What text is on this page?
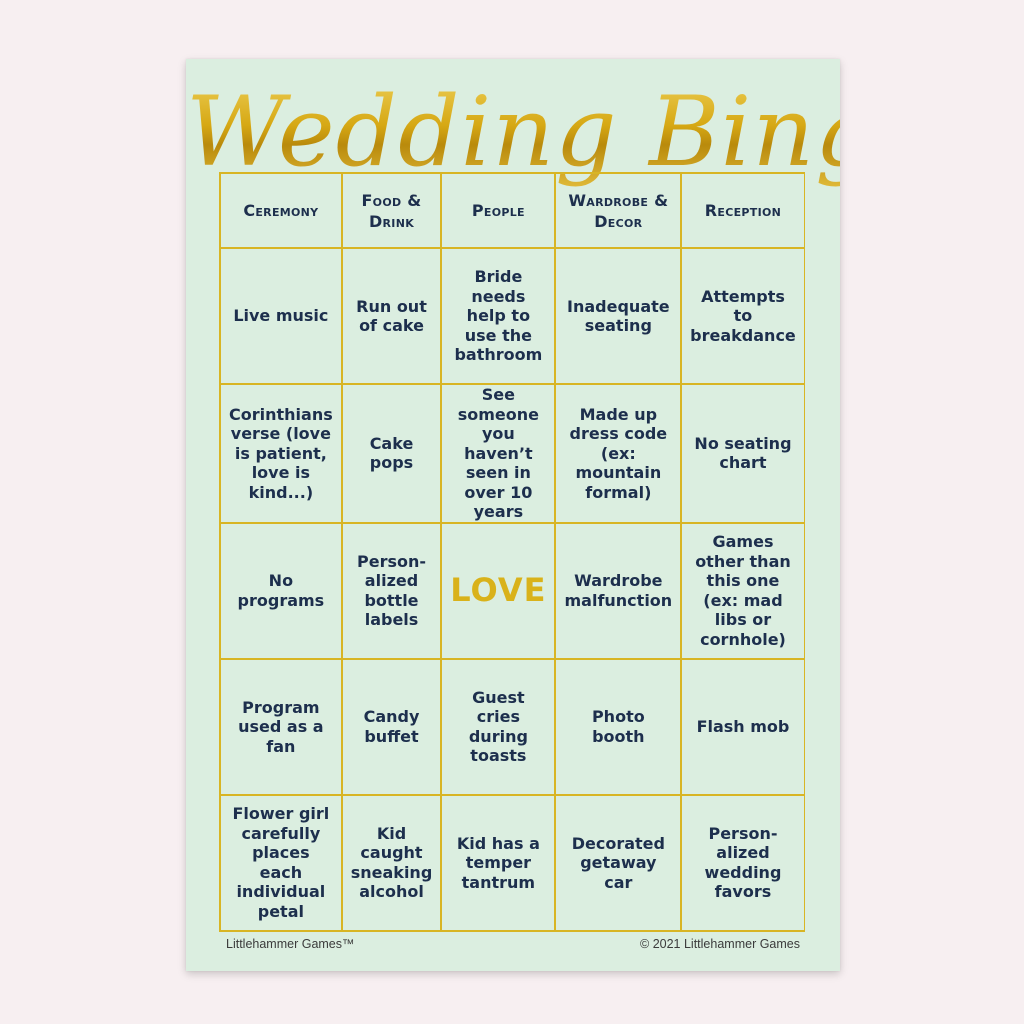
Wedding Bingo
Ceremony
Food & Drink
People
Wardrobe & Decor
Reception
Live music
Run out of cake
Bride needs help to use the bathroom
Inadequate seating
Attempts to breakdance
Corinthians verse (love is patient, love is kind...)
Cake pops
See someone you haven’t seen in over 10 years
Made up dress code (ex: mountain formal)
No seating chart
No programs
Person-alized bottle labels
LOVE	Wardrobe malfunction
Games other than this one (ex: mad libs or cornhole)
Program used as a fan
Candy buffet
Guest cries during toasts
Photo booth
Flash mob
Flower girl carefully places each individual petal
Kid caught sneaking alcohol
Kid has a temper tantrum
Decorated getaway car
Person-alized wedding favors
Littlehammer Games™	© 2021 Littlehammer Games
